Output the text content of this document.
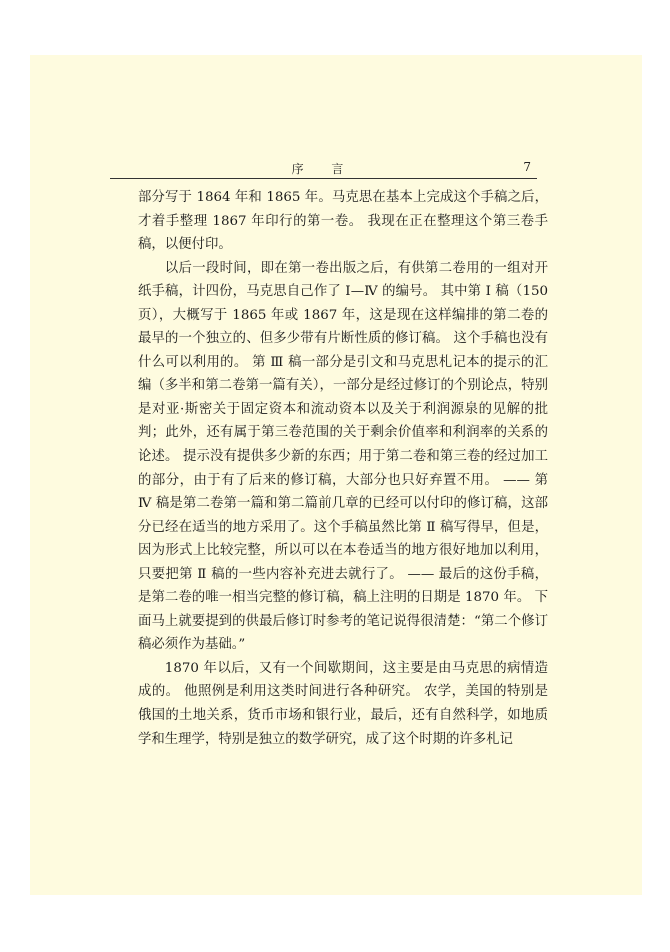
序 言	7

部分写于 1864 年和 1865 年。马克思在基本上完成这个手稿之后，才着手整理 1867 年印行的第一卷。 我现在正在整理这个第三卷手稿，以便付印。

以后一段时间，即在第一卷出版之后，有供第二卷用的一组对开纸手稿，计四份，马克思自己作了 Ⅰ—Ⅳ 的编号。 其中第 Ⅰ 稿（150 页），大概写于 1865 年或 1867 年，这是现在这样编排的第二卷的最早的一个独立的、但多少带有片断性质的修订稿。 这个手稿也没有什么可以利用的。 第 Ⅲ 稿一部分是引文和马克思札记本的提示的汇编（多半和第二卷第一篇有关），一部分是经过修订的个别论点，特别是对亚·斯密关于固定资本和流动资本以及关于利润源泉的见解的批判；此外，还有属于第三卷范围的关于剩余价值率和利润率的关系的论述。 提示没有提供多少新的东西；用于第二卷和第三卷的经过加工的部分，由于有了后来的修订稿，大部分也只好弃置不用。 —— 第 Ⅳ 稿是第二卷第一篇和第二篇前几章的已经可以付印的修订稿，这部分已经在适当的地方采用了。这个手稿虽然比第 Ⅱ 稿写得早，但是，因为形式上比较完整，所以可以在本卷适当的地方很好地加以利用，只要把第 Ⅱ 稿的一些内容补充进去就行了。 —— 最后的这份手稿，是第二卷的唯一相当完整的修订稿，稿上注明的日期是 1870 年。 下面马上就要提到的供最后修订时参考的笔记说得很清楚：“第二个修订稿必须作为基础。”

1870 年以后，又有一个间歇期间，这主要是由马克思的病情造成的。 他照例是利用这类时间进行各种研究。 农学，美国的特别是俄国的土地关系，货币市场和银行业，最后，还有自然科学，如地质学和生理学，特别是独立的数学研究，成了这个时期的许多札记
